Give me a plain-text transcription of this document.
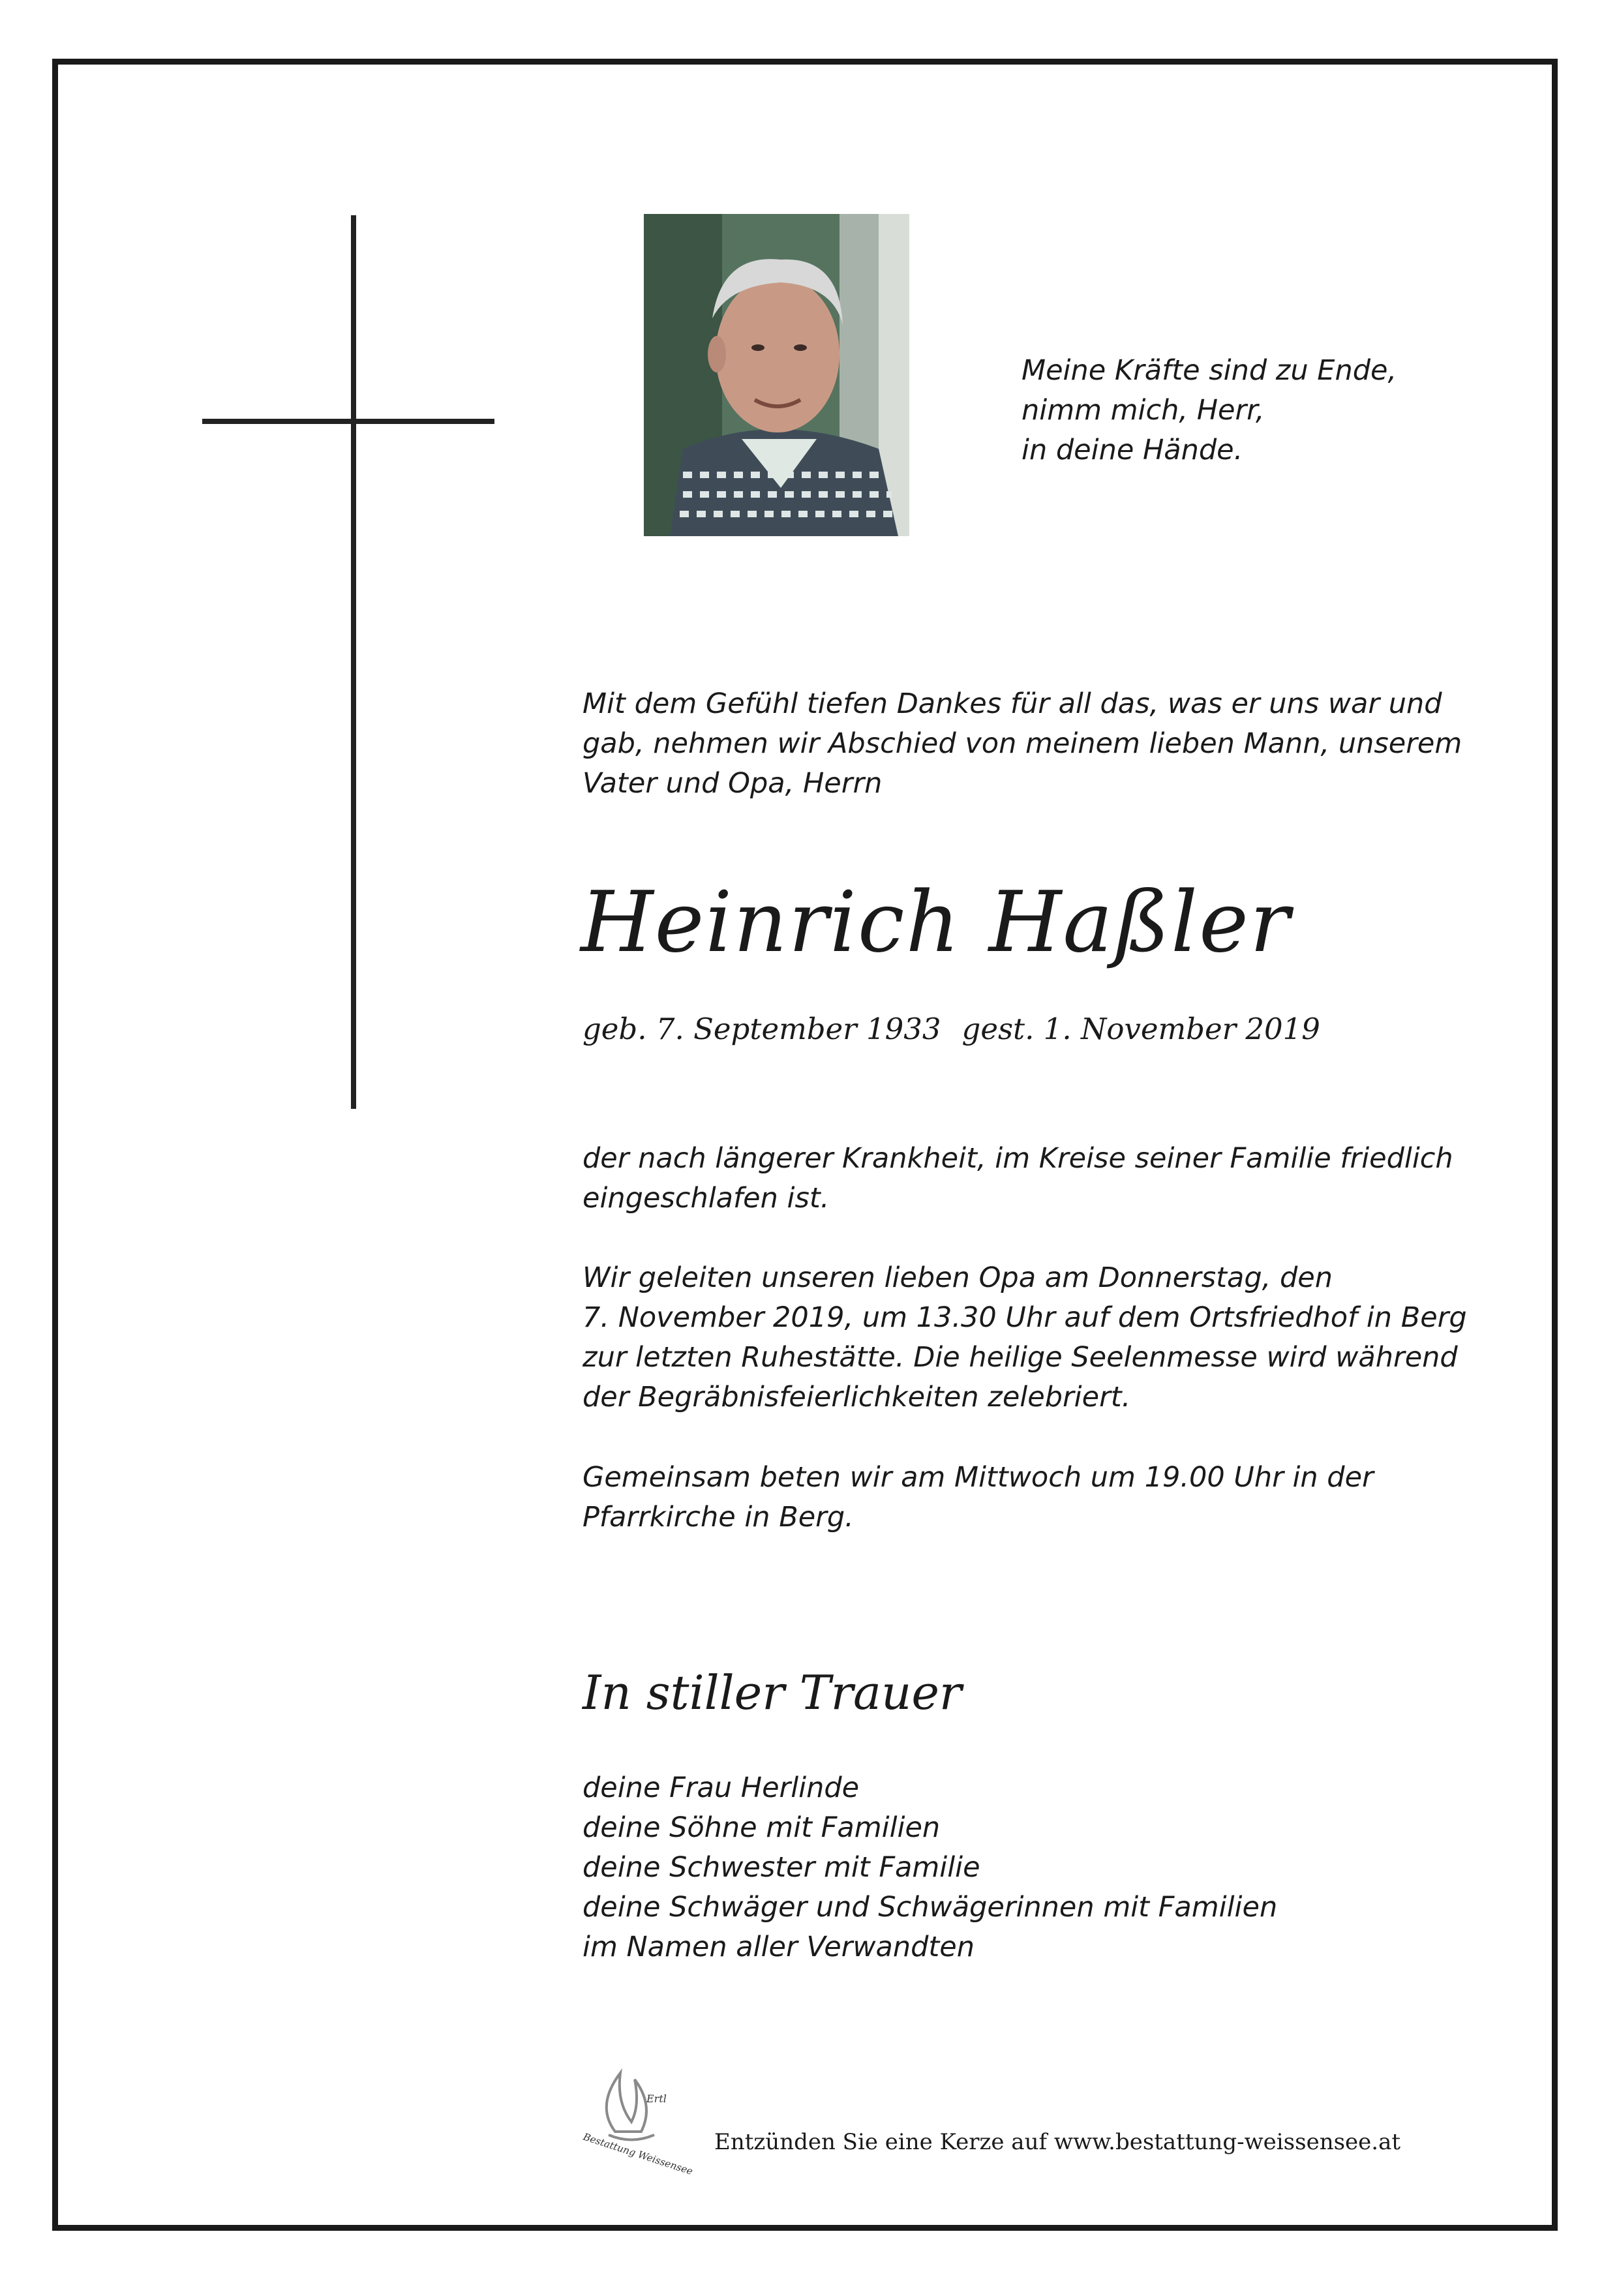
Meine Kräfte sind zu Ende,
nimm mich, Herr,
in deine Hände.
Mit dem Gefühl tiefen Dankes für all das, was er uns war und
gab, nehmen wir Abschied von meinem lieben Mann, unserem
Vater und Opa, Herrn
Heinrich Haßler
geb. 7. September 1933 gest. 1. November 2019
der nach längerer Krankheit, im Kreise seiner Familie friedlich
eingeschlafen ist.
Wir geleiten unseren lieben Opa am Donnerstag, den
7. November 2019, um 13.30 Uhr auf dem Ortsfriedhof in Berg
zur letzten Ruhestätte. Die heilige Seelenmesse wird während
der Begräbnisfeierlichkeiten zelebriert.
Gemeinsam beten wir am Mittwoch um 19.00 Uhr in der
Pfarrkirche in Berg.
In stiller Trauer
deine Frau Herlinde
deine Söhne mit Familien
deine Schwester mit Familie
deine Schwäger und Schwägerinnen mit Familien
im Namen aller Verwandten
Ertl
Bestattung Weissensee Entzünden Sie eine Kerze auf www.bestattung-weissensee.at
